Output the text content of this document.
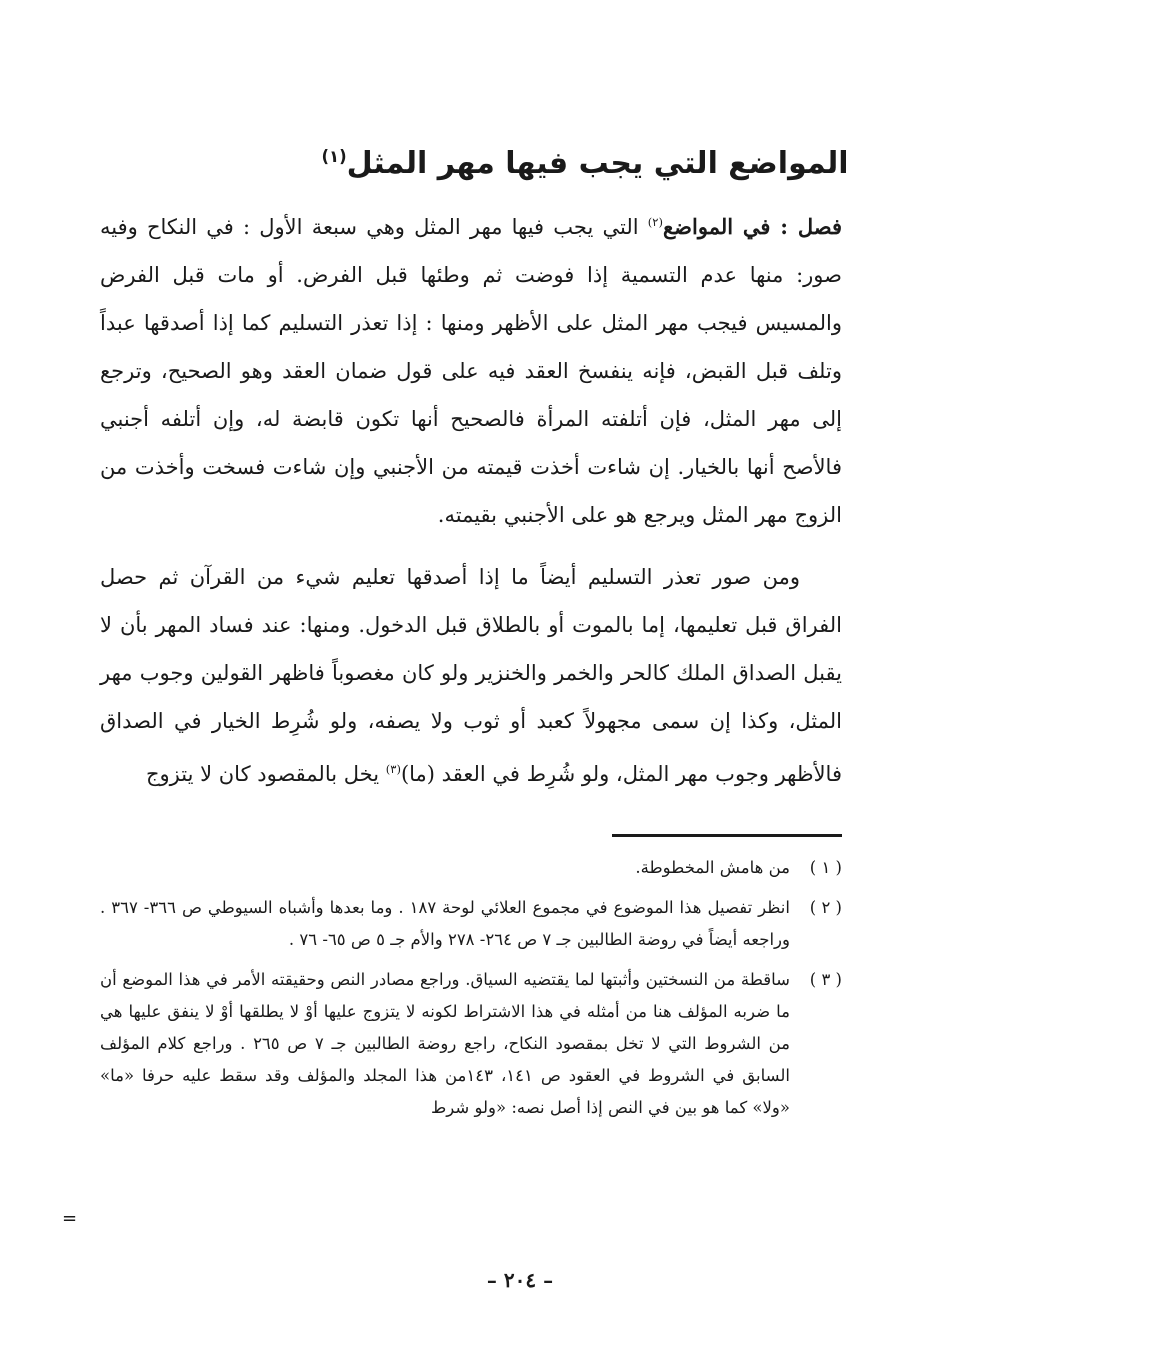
المواضع التي يجب فيها مهر المثل$^{(١)}$

فصل : في المواضع$^{(٢)}$ التي يجب فيها مهر المثل وهي سبعة الأول : في النكاح وفيه صور: منها عدم التسمية إذا فوضت ثم وطئها قبل الفرض. أو مات قبل الفرض والمسيس فيجب مهر المثل على الأظهر ومنها : إذا تعذر التسليم كما إذا أصدقها عبداً وتلف قبل القبض، فإنه ينفسخ العقد فيه على قول ضمان العقد وهو الصحيح، وترجع إلى مهر المثل، فإن أتلفته المرأة فالصحيح أنها تكون قابضة له، وإن أتلفه أجنبي فالأصح أنها بالخيار. إن شاءت أخذت قيمته من الأجنبي وإن شاءت فسخت وأخذت من الزوج مهر المثل ويرجع هو على الأجنبي بقيمته.

ومن صور تعذر التسليم أيضاً ما إذا أصدقها تعليم شيء من القرآن ثم حصل الفراق قبل تعليمها، إما بالموت أو بالطلاق قبل الدخول. ومنها: عند فساد المهر بأن لا يقبل الصداق الملك كالحر والخمر والخنزير ولو كان مغصوباً فاظهر القولين وجوب مهر المثل، وكذا إن سمى مجهولاً كعبد أو ثوب ولا يصفه، ولو شُرِط الخيار في الصداق فالأظهر وجوب مهر المثل، ولو شُرِط في العقد (ما)$^{(٣)}$ يخل بالمقصود كان لا يتزوج

( ١ )
من هامش المخطوطة.
( ٢ )
انظر تفصيل هذا الموضوع في مجموع العلائي لوحة ١٨٧ . وما بعدها وأشباه السيوطي ص ٣٦٦- ٣٦٧ . وراجعه أيضاً في روضة الطالبين جـ ٧ ص ٢٦٤- ٢٧٨ والأم جـ ٥ ص ٦٥- ٧٦ .
( ٣ )
ساقطة من النسختين وأثبتها لما يقتضيه السياق. وراجع مصادر النص وحقيقته الأمر في هذا الموضع أن ما ضربه المؤلف هنا من أمثله في هذا الاشتراط لكونه لا يتزوج عليها أوْ لا يطلقها أوْ لا ينفق عليها هي من الشروط التي لا تخل بمقصود النكاح، راجع روضة الطالبين جـ ٧ ص ٢٦٥ . وراجع كلام المؤلف السابق في الشروط في العقود ص ١٤١، ١٤٣من هذا المجلد والمؤلف وقد سقط عليه حرفا «ما» «ولا» كما هو بين في النص إذا أصل نصه: «ولو شرط
=
– ٢٠٤ –
